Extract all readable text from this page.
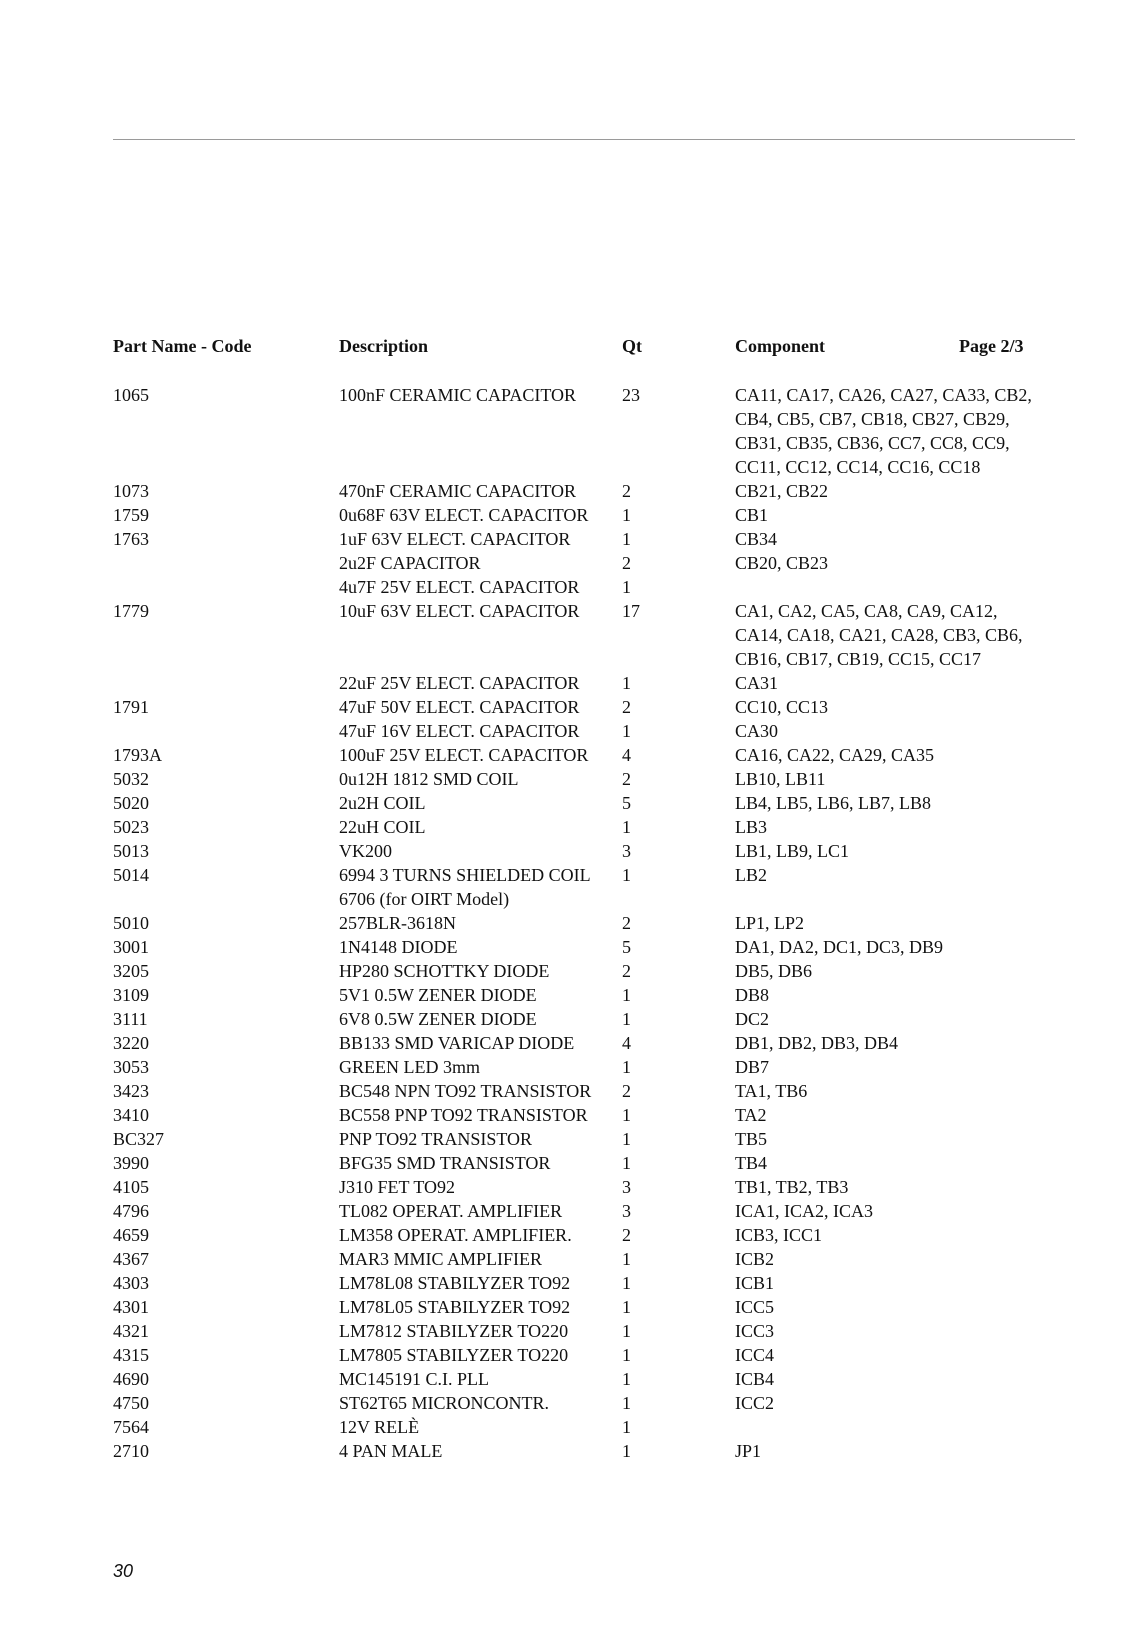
Part Name - Code	Description	Qt	Component	Page 2/3
1065	100nF CERAMIC CAPACITOR	23	CA11, CA17, CA26, CA27, CA33, CB2,
CB4, CB5, CB7, CB18, CB27, CB29,
CB31, CB35, CB36, CC7, CC8, CC9,
CC11, CC12, CC14, CC16, CC18
1073	470nF CERAMIC CAPACITOR	2	CB21, CB22
1759	0u68F 63V ELECT. CAPACITOR 1	CB1
1763	1uF 63V ELECT. CAPACITOR	1	CB34
2u2F CAPACITOR	2	CB20, CB23
4u7F 25V ELECT. CAPACITOR 1
1779	10uF 63V ELECT. CAPACITOR 17	CA1, CA2, CA5, CA8, CA9, CA12,
CA14, CA18, CA21, CA28, CB3, CB6,
CB16, CB17, CB19, CC15, CC17
22uF 25V ELECT. CAPACITOR 1	CA31
1791	47uF 50V ELECT. CAPACITOR 2	CC10, CC13
47uF 16V ELECT. CAPACITOR 1	CA30
1793A	100uF 25V ELECT. CAPACITOR 4	CA16, CA22, CA29, CA35
5032	0u12H 1812 SMD COIL	2	LB10, LB11
5020	2u2H COIL	5	LB4, LB5, LB6, LB7, LB8
5023	22uH COIL	1	LB3
5013	VK200	3	LB1, LB9, LC1
5014	6994 3 TURNS SHIELDED COIL 1	LB2
6706 (for OIRT Model)
5010	257BLR-3618N	2	LP1, LP2
3001	1N4148 DIODE	5	DA1, DA2, DC1, DC3, DB9
3205	HP280 SCHOTTKY DIODE	2	DB5, DB6
3109	5V1 0.5W ZENER DIODE	1	DB8
3111	6V8 0.5W ZENER DIODE	1	DC2
3220	BB133 SMD VARICAP DIODE	4	DB1, DB2, DB3, DB4
3053	GREEN LED 3mm	1	DB7
3423	BC548 NPN TO92 TRANSISTOR 2	TA1, TB6
3410	BC558 PNP TO92 TRANSISTOR 1	TA2
BC327	PNP TO92 TRANSISTOR	1	TB5
3990	BFG35 SMD TRANSISTOR	1	TB4
4105	J310 FET TO92	3	TB1, TB2, TB3
4796	TL082 OPERAT. AMPLIFIER	3	ICA1, ICA2, ICA3
4659	LM358 OPERAT. AMPLIFIER.	2	ICB3, ICC1
4367	MAR3 MMIC AMPLIFIER	1	ICB2
4303	LM78L08 STABILYZER TO92	1	ICB1
4301	LM78L05 STABILYZER TO92	1	ICC5
4321	LM7812 STABILYZER TO220	1	ICC3
4315	LM7805 STABILYZER TO220	1	ICC4
4690	MC145191 C.I. PLL	1	ICB4
4750	ST62T65 MICRONCONTR.	1	ICC2
7564	12V RELÈ	1
2710	4 PAN MALE	1	JP1
30
